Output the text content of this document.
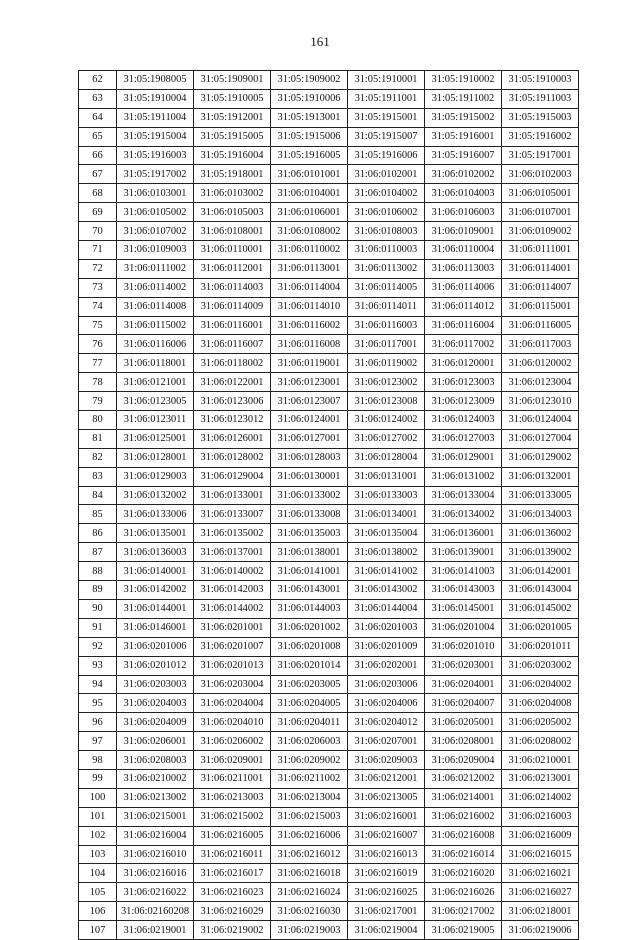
161
62	31:05:1908005	31:05:1909001	31:05:1909002	31:05:1910001	31:05:1910002	31:05:1910003
63	31:05:1910004	31:05:1910005	31:05:1910006	31:05:1911001	31:05:1911002	31:05:1911003
64	31:05:1911004	31:05:1912001	31:05:1913001	31:05:1915001	31:05:1915002	31:05:1915003
65	31:05:1915004	31:05:1915005	31:05:1915006	31:05:1915007	31:05:1916001	31:05:1916002
66	31:05:1916003	31:05:1916004	31:05:1916005	31:05:1916006	31:05:1916007	31:05:1917001
67	31:05:1917002	31:05:1918001	31:06:0101001	31:06:0102001	31:06:0102002	31:06:0102003
68	31:06:0103001	31:06:0103002	31:06:0104001	31:06:0104002	31:06:0104003	31:06:0105001
69	31:06:0105002	31:06:0105003	31:06:0106001	31:06:0106002	31:06:0106003	31:06:0107001
70	31:06:0107002	31:06:0108001	31:06:0108002	31:06:0108003	31:06:0109001	31:06:0109002
71	31:06:0109003	31:06:0110001	31:06:0110002	31:06:0110003	31:06:0110004	31:06:0111001
72	31:06:0111002	31:06:0112001	31:06:0113001	31:06:0113002	31:06:0113003	31:06:0114001
73	31:06:0114002	31:06:0114003	31:06:0114004	31:06:0114005	31:06:0114006	31:06:0114007
74	31:06:0114008	31:06:0114009	31:06:0114010	31:06:0114011	31:06:0114012	31:06:0115001
75	31:06:0115002	31:06:0116001	31:06:0116002	31:06:0116003	31:06:0116004	31:06:0116005
76	31:06:0116006	31:06:0116007	31:06:0116008	31:06:0117001	31:06:0117002	31:06:0117003
77	31:06:0118001	31:06:0118002	31:06:0119001	31:06:0119002	31:06:0120001	31:06:0120002
78	31:06:0121001	31:06:0122001	31:06:0123001	31:06:0123002	31:06:0123003	31:06:0123004
79	31:06:0123005	31:06:0123006	31:06:0123007	31:06:0123008	31:06:0123009	31:06:0123010
80	31:06:0123011	31:06:0123012	31:06:0124001	31:06:0124002	31:06:0124003	31:06:0124004
81	31:06:0125001	31:06:0126001	31:06:0127001	31:06:0127002	31:06:0127003	31:06:0127004
82	31:06:0128001	31:06:0128002	31:06:0128003	31:06:0128004	31:06:0129001	31:06:0129002
83	31:06:0129003	31:06:0129004	31:06:0130001	31:06:0131001	31:06:0131002	31:06:0132001
84	31:06:0132002	31:06:0133001	31:06:0133002	31:06:0133003	31:06:0133004	31:06:0133005
85	31:06:0133006	31:06:0133007	31:06:0133008	31:06:0134001	31:06:0134002	31:06:0134003
86	31:06:0135001	31:06:0135002	31:06:0135003	31:06:0135004	31:06:0136001	31:06:0136002
87	31:06:0136003	31:06:0137001	31:06:0138001	31:06:0138002	31:06:0139001	31:06:0139002
88	31:06:0140001	31:06:0140002	31:06:0141001	31:06:0141002	31:06:0141003	31:06:0142001
89	31:06:0142002	31:06:0142003	31:06:0143001	31:06:0143002	31:06:0143003	31:06:0143004
90	31:06:0144001	31:06:0144002	31:06:0144003	31:06:0144004	31:06:0145001	31:06:0145002
91	31:06:0146001	31:06:0201001	31:06:0201002	31:06:0201003	31:06:0201004	31:06:0201005
92	31:06:0201006	31:06:0201007	31:06:0201008	31:06:0201009	31:06:0201010	31:06:0201011
93	31:06:0201012	31:06:0201013	31:06:0201014	31:06:0202001	31:06:0203001	31:06:0203002
94	31:06:0203003	31:06:0203004	31:06:0203005	31:06:0203006	31:06:0204001	31:06:0204002
95	31:06:0204003	31:06:0204004	31:06:0204005	31:06:0204006	31:06:0204007	31:06:0204008
96	31:06:0204009	31:06:0204010	31:06:0204011	31:06:0204012	31:06:0205001	31:06:0205002
97	31:06:0206001	31:06:0206002	31:06:0206003	31:06:0207001	31:06:0208001	31:06:0208002
98	31:06:0208003	31:06:0209001	31:06:0209002	31:06:0209003	31:06:0209004	31:06:0210001
99	31:06:0210002	31:06:0211001	31:06:0211002	31:06:0212001	31:06:0212002	31:06:0213001
100	31:06:0213002	31:06:0213003	31:06:0213004	31:06:0213005	31:06:0214001	31:06:0214002
101	31:06:0215001	31:06:0215002	31:06:0215003	31:06:0216001	31:06:0216002	31:06:0216003
102	31:06:0216004	31:06:0216005	31:06:0216006	31:06:0216007	31:06:0216008	31:06:0216009
103	31:06:0216010	31:06:0216011	31:06:0216012	31:06:0216013	31:06:0216014	31:06:0216015
104	31:06:0216016	31:06:0216017	31:06:0216018	31:06:0216019	31:06:0216020	31:06:0216021
105	31:06:0216022	31:06:0216023	31:06:0216024	31:06:0216025	31:06:0216026	31:06:0216027
106	31:06:02160208	31:06:0216029	31:06:0216030	31:06:0217001	31:06:0217002	31:06:0218001
107	31:06:0219001	31:06:0219002	31:06:0219003	31:06:0219004	31:06:0219005	31:06:0219006
